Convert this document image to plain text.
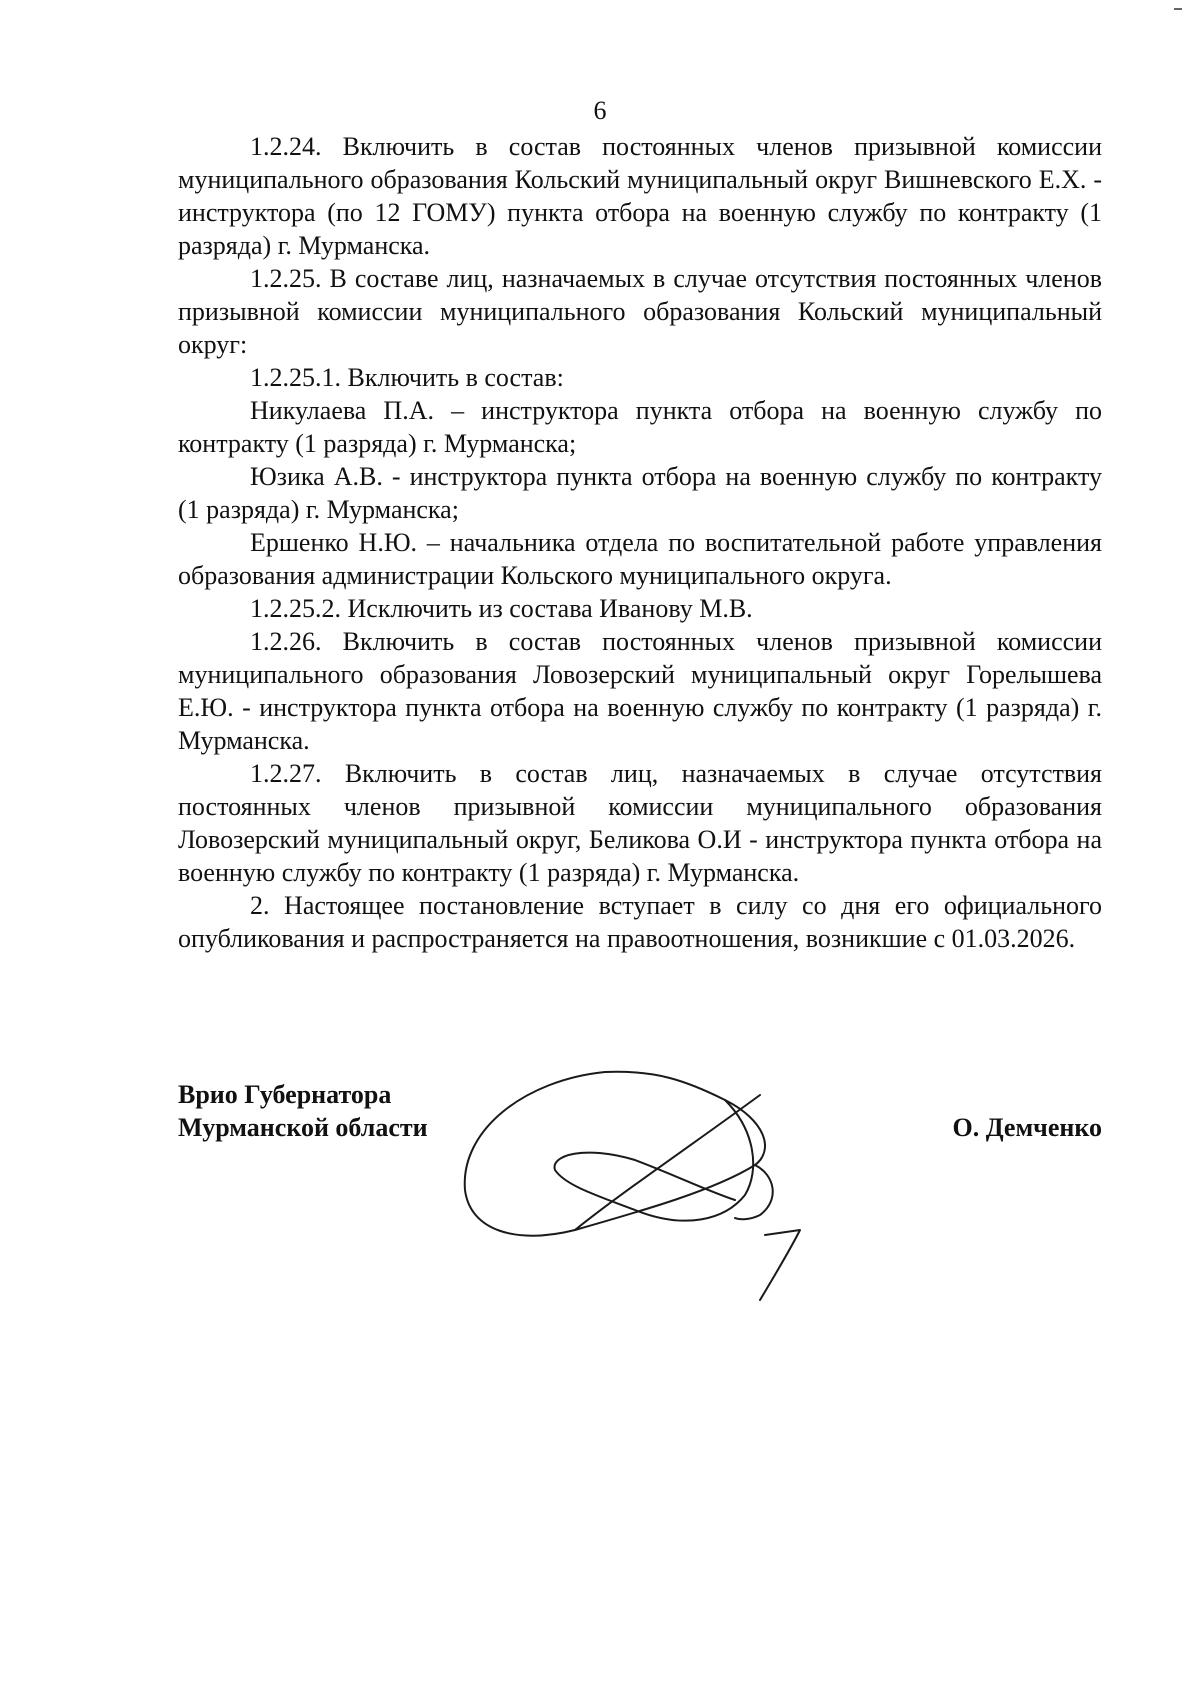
6

1.2.24. Включить в состав постоянных членов призывной комиссии муниципального образования Кольский муниципальный округ Вишневского Е.Х. - инструктора (по 12 ГОМУ) пункта отбора на военную службу по контракту (1 разряда) г. Мурманска.

1.2.25. В составе лиц, назначаемых в случае отсутствия постоянных членов призывной комиссии муниципального образования Кольский муниципальный округ:

1.2.25.1. Включить в состав:

Никулаева П.А. – инструктора пункта отбора на военную службу по контракту (1 разряда) г. Мурманска;

Юзика А.В. - инструктора пункта отбора на военную службу по контракту (1 разряда) г. Мурманска;

Ершенко Н.Ю. – начальника отдела по воспитательной работе управления образования администрации Кольского муниципального округа.

1.2.25.2. Исключить из состава Иванову М.В.

1.2.26. Включить в состав постоянных членов призывной комиссии муниципального образования Ловозерский муниципальный округ Горелышева Е.Ю. - инструктора пункта отбора на военную службу по контракту (1 разряда) г. Мурманска.

1.2.27. Включить в состав лиц, назначаемых в случае отсутствия постоянных членов призывной комиссии муниципального образования Ловозерский муниципальный округ, Беликова О.И - инструктора пункта отбора на военную службу по контракту (1 разряда) г. Мурманска.

2. Настоящее постановление вступает в силу со дня его официального опубликования и распространяется на правоотношения, возникшие с 01.03.2026.

Врио Губернатора
Мурманской области	О. Демченко
